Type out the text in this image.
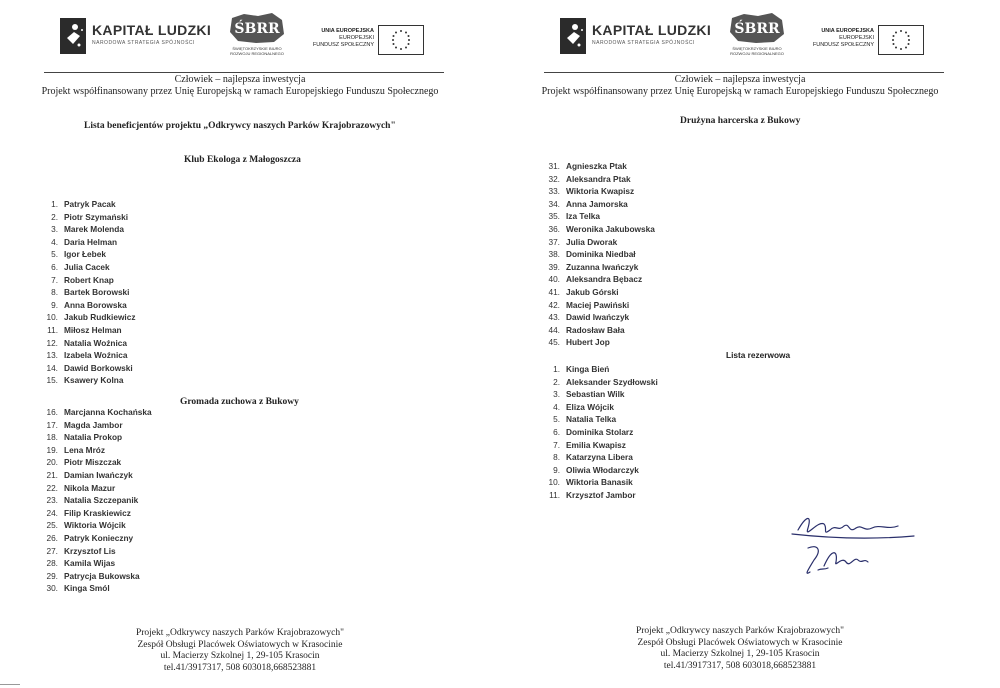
KAPITAŁ LUDZKI
NARODOWA STRATEGIA SPÓJNOŚCI
ŚBRR
ŚWIĘTOKRZYSKIE BIURO
ROZWOJU REGIONALNEGO
UNIA EUROPEJSKA
EUROPEJSKI
FUNDUSZ SPOŁECZNY
Człowiek – najlepsza inwestycja
Projekt współfinansowany przez Unię Europejską w ramach Europejskiego Funduszu Społecznego
Lista beneficjentów projektu „Odkrywcy naszych Parków Krajobrazowych"
Klub Ekologa z Małogoszcza
1. Patryk Pacak
2. Piotr Szymański
3. Marek Molenda
4. Daria Helman
5. Igor Łebek
6. Julia Cacek
7. Robert Knap
8. Bartek Borowski
9. Anna Borowska
10. Jakub Rudkiewicz
11. Miłosz Helman
12. Natalia Woźnica
13. Izabela Woźnica
14. Dawid Borkowski
15. Ksawery Kolna
Gromada zuchowa z Bukowy
16. Marcjanna Kochańska
17. Magda Jambor
18. Natalia Prokop
19. Lena Mróz
20. Piotr Miszczak
21. Damian Iwańczyk
22. Nikola Mazur
23. Natalia Szczepanik
24. Filip Kraskiewicz
25. Wiktoria Wójcik
26. Patryk Konieczny
27. Krzysztof Lis
28. Kamila Wijas
29. Patrycja Bukowska
30. Kinga Smól
Projekt „Odkrywcy naszych Parków Krajobrazowych"
Zespół Obsługi Placówek Oświatowych w Krasocinie
ul. Macierzy Szkolnej 1, 29-105 Krasocin
tel.41/3917317, 508 603018,668523881
KAPITAŁ LUDZKI
NARODOWA STRATEGIA SPÓJNOŚCI
ŚBRR
ŚWIĘTOKRZYSKIE BIURO
ROZWOJU REGIONALNEGO
UNIA EUROPEJSKA
EUROPEJSKI
FUNDUSZ SPOŁECZNY
Człowiek – najlepsza inwestycja
Projekt współfinansowany przez Unię Europejską w ramach Europejskiego Funduszu Społecznego
Drużyna harcerska z Bukowy
31. Agnieszka Ptak
32. Aleksandra Ptak
33. Wiktoria Kwapisz
34. Anna Jamorska
35. Iza Telka
36. Weronika Jakubowska
37. Julia Dworak
38. Dominika Niedbał
39. Zuzanna Iwańczyk
40. Aleksandra Bębacz
41. Jakub Górski
42. Maciej Pawiński
43. Dawid Iwańczyk
44. Radosław Bała
45. Hubert Jop
Lista rezerwowa
1. Kinga Bień
2. Aleksander Szydłowski
3. Sebastian Wilk
4. Eliza Wójcik
5. Natalia Telka
6. Dominika Stolarz
7. Emilia Kwapisz
8. Katarzyna Libera
9. Oliwia Włodarczyk
10. Wiktoria Banasik
11. Krzysztof Jambor
Projekt „Odkrywcy naszych Parków Krajobrazowych"
Zespół Obsługi Placówek Oświatowych w Krasocinie
ul. Macierzy Szkolnej 1, 29-105 Krasocin
tel.41/3917317, 508 603018,668523881
